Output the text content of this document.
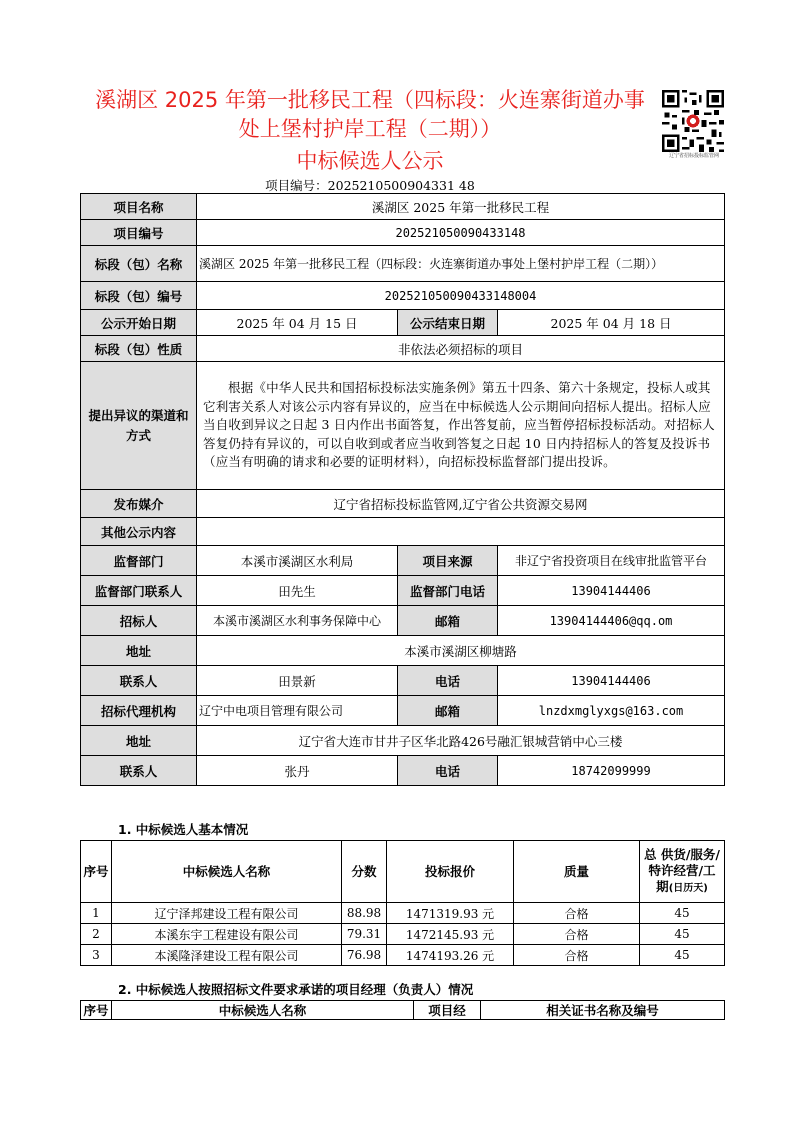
溪湖区 2025 年第一批移民工程（四标段：火连寨街道办事
处上堡村护岸工程（二期））
中标候选人公示
项目编号：2025210500904331 48
辽宁省招标投标监管网
项目名称	溪湖区 2025 年第一批移民工程		
项目编号	202521050090433148		
标段（包）名称	溪湖区 2025 年第一批移民工程（四标段：火连寨街道办事处上堡村护岸工程（二期））		
标段（包）编号	202521050090433148004		
公示开始日期	2025 年 04 月 15 日	公示结束日期	2025 年 04 月 18 日
标段（包）性质	非依法必须招标的项目		
提出异议的渠道和方式	根据《中华人民共和国招标投标法实施条例》第五十四条、第六十条规定，投标人或其它利害关系人对该公示内容有异议的，应当在中标候选人公示期间向招标人提出。招标人应当自收到异议之日起 3 日内作出书面答复，作出答复前，应当暂停招标投标活动。对招标人答复仍持有异议的，可以自收到或者应当收到答复之日起 10 日内持招标人的答复及投诉书（应当有明确的请求和必要的证明材料），向招标投标监督部门提出投诉。		
发布媒介	辽宁省招标投标监管网,辽宁省公共资源交易网		
其他公示内容			
监督部门	本溪市溪湖区水利局	项目来源	非辽宁省投资项目在线审批监管平台
监督部门联系人	田先生	监督部门电话	13904144406
招标人	本溪市溪湖区水利事务保障中心	邮箱	13904144406@qq.om
地址	本溪市溪湖区柳塘路		
联系人	田景新	电话	13904144406
招标代理机构	辽宁中电项目管理有限公司	邮箱	lnzdxmglyxgs@163.com
地址	辽宁省大连市甘井子区华北路426号融汇银城营销中心三楼		
联系人	张丹	电话	18742099999
1. 中标候选人基本情况
序号	中标候选人名称	分数	投标报价	质量	总 供货/服务/
特许经营/工
期(日历天)

1	辽宁泽邦建设工程有限公司	88.98	1471319.93 元	合格	45
2	本溪东宇工程建设有限公司	79.31	1472145.93 元	合格	45
3	本溪隆泽建设工程有限公司	76.98	1474193.26 元	合格	45
2. 中标候选人按照招标文件要求承诺的项目经理（负责人）情况
序号	中标候选人名称	项目经	相关证书名称及编号
